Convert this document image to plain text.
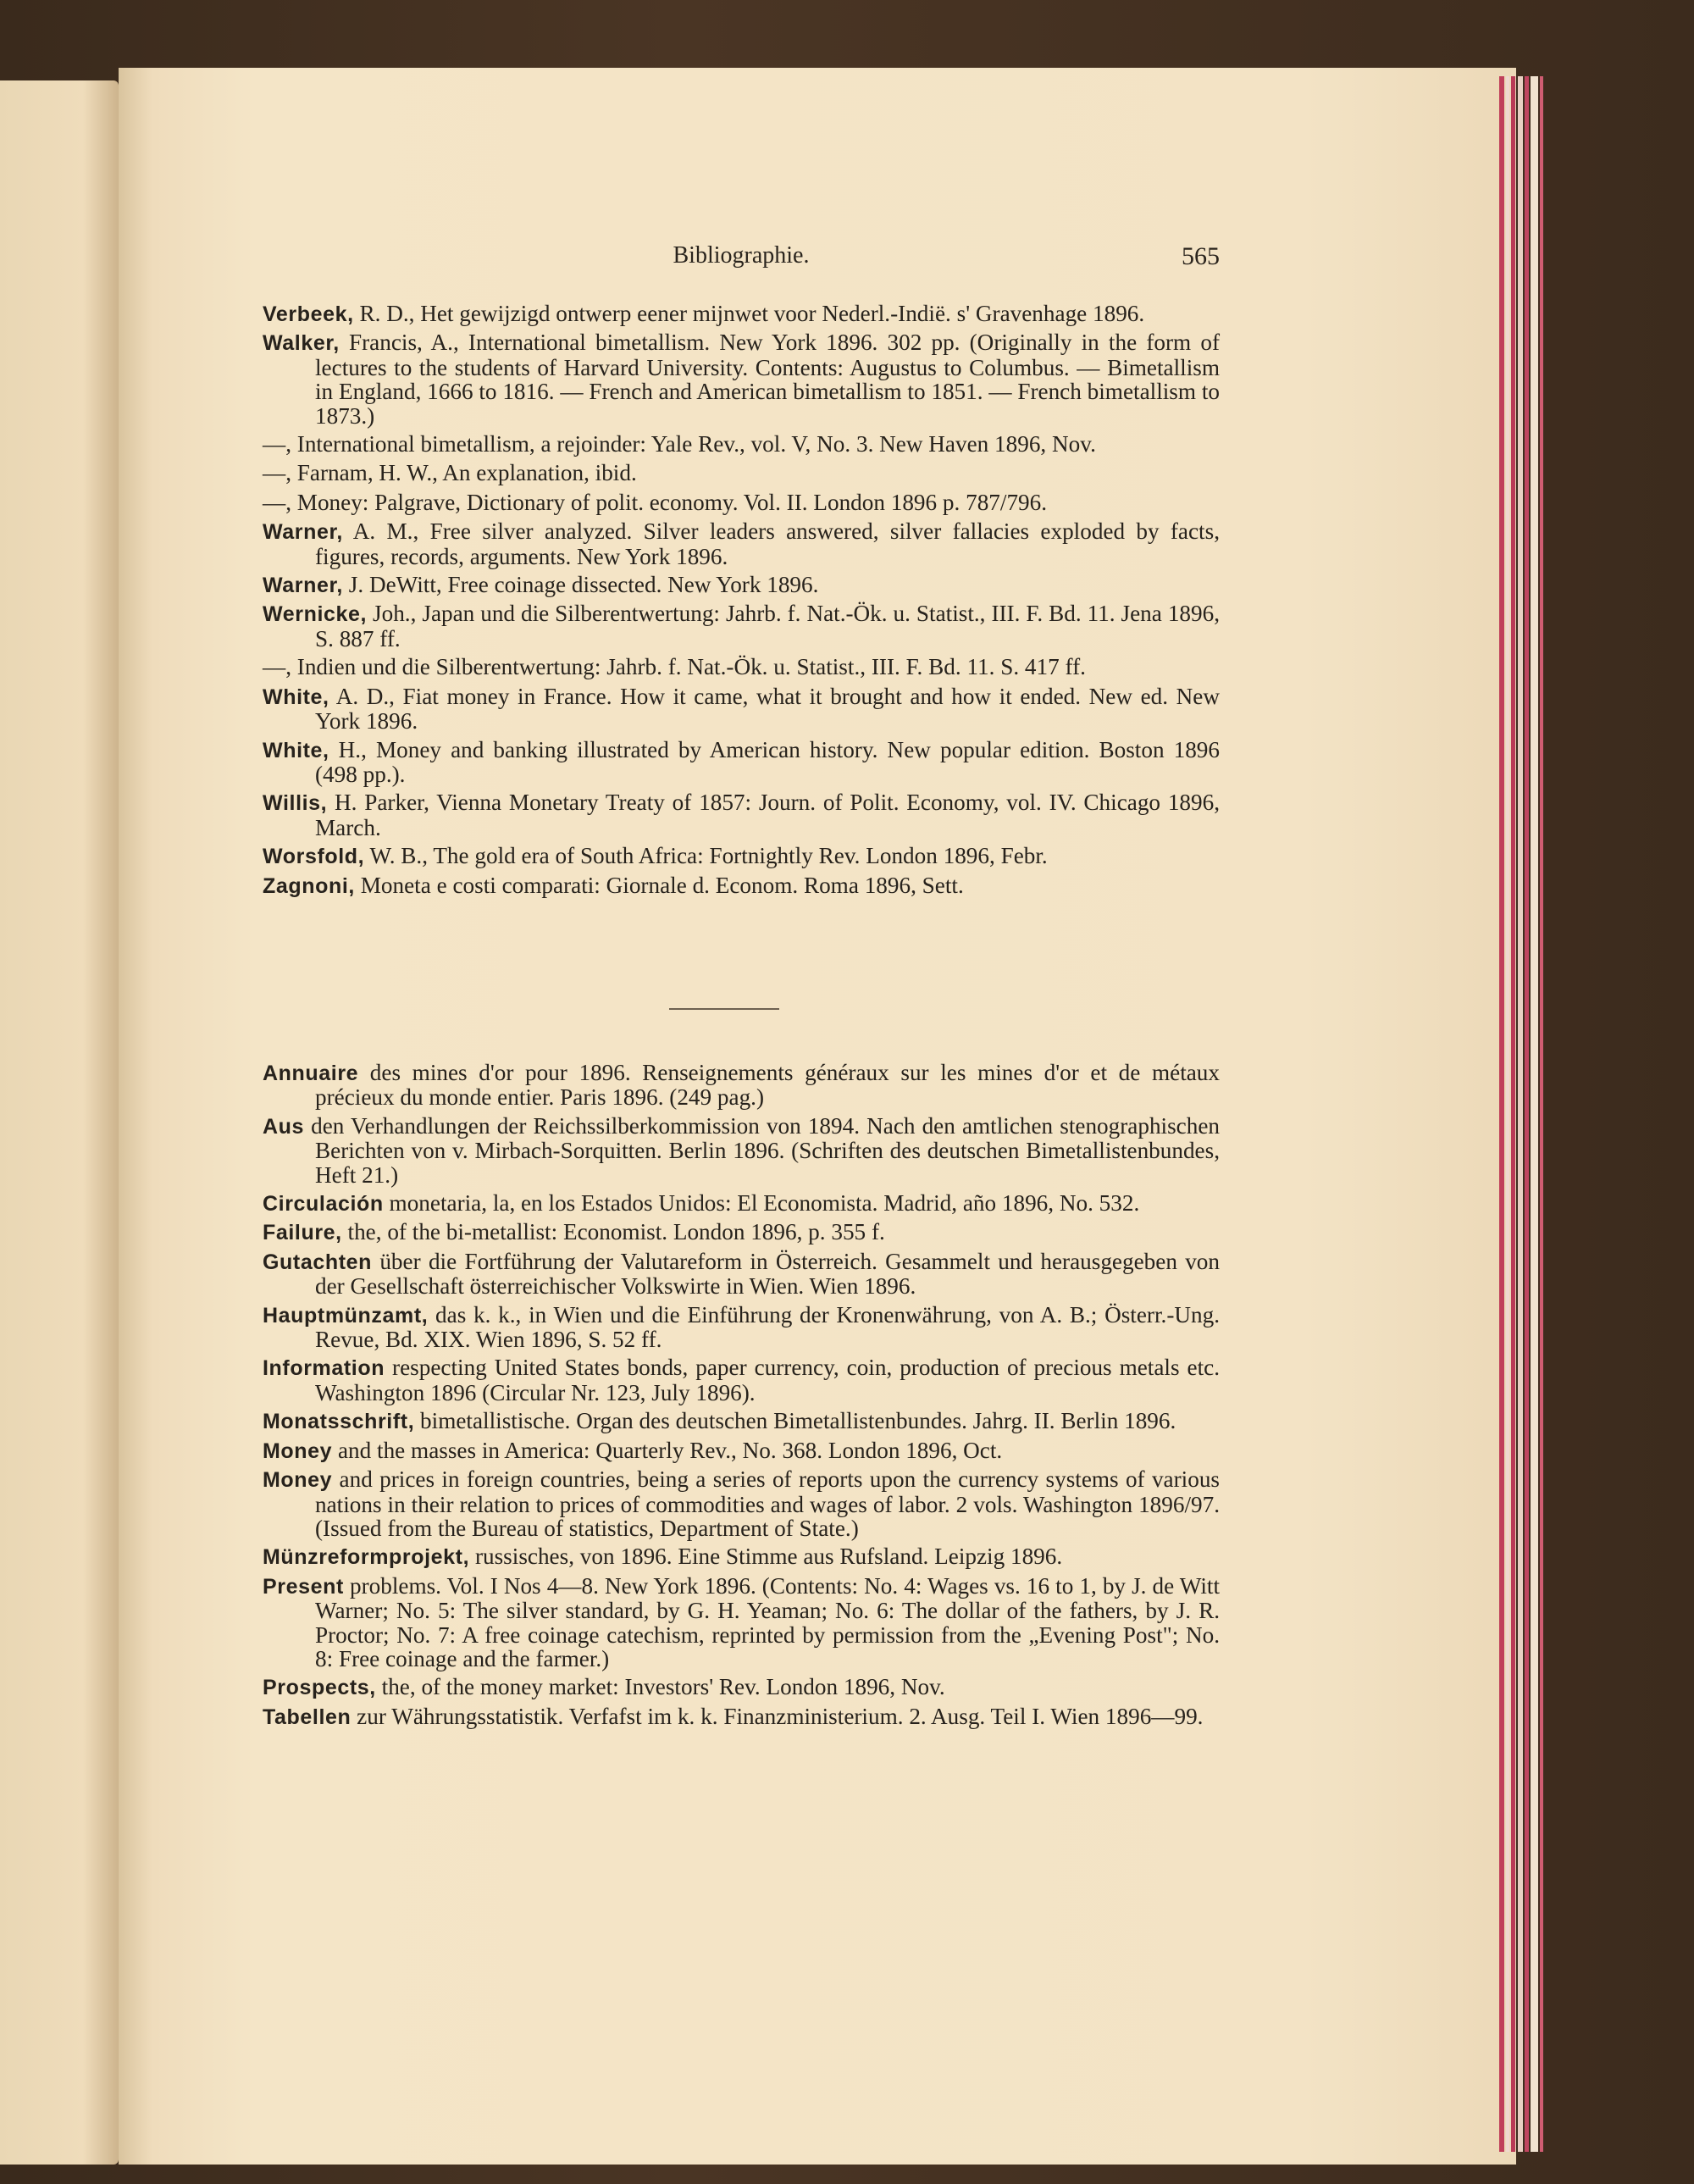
Bibliographie.	565

Verbeek, R. D., Het gewijzigd ontwerp eener mijnwet voor Nederl.-Indië. s' Gravenhage 1896.

Walker, Francis, A., International bimetallism. New York 1896. 302 pp. (Originally in the form of lectures to the students of Harvard University. Contents: Augustus to Columbus. — Bimetallism in England, 1666 to 1816. — French and American bimetallism to 1851. — French bimetallism to 1873.)

—, International bimetallism, a rejoinder: Yale Rev., vol. V, No. 3. New Haven 1896, Nov.

—, Farnam, H. W., An explanation, ibid.

—, Money: Palgrave, Dictionary of polit. economy. Vol. II. London 1896 p. 787/796.

Warner, A. M., Free silver analyzed. Silver leaders answered, silver fallacies exploded by facts, figures, records, arguments. New York 1896.

Warner, J. DeWitt, Free coinage dissected. New York 1896.

Wernicke, Joh., Japan und die Silberentwertung: Jahrb. f. Nat.-Ök. u. Statist., III. F. Bd. 11. Jena 1896, S. 887 ff.

—, Indien und die Silberentwertung: Jahrb. f. Nat.-Ök. u. Statist., III. F. Bd. 11. S. 417 ff.

White, A. D., Fiat money in France. How it came, what it brought and how it ended. New ed. New York 1896.

White, H., Money and banking illustrated by American history. New popular edition. Boston 1896 (498 pp.).

Willis, H. Parker, Vienna Monetary Treaty of 1857: Journ. of Polit. Economy, vol. IV. Chicago 1896, March.

Worsfold, W. B., The gold era of South Africa: Fortnightly Rev. London 1896, Febr.

Zagnoni, Moneta e costi comparati: Giornale d. Econom. Roma 1896, Sett.

Annuaire des mines d'or pour 1896. Renseignements généraux sur les mines d'or et de métaux précieux du monde entier. Paris 1896. (249 pag.)

Aus den Verhandlungen der Reichssilberkommission von 1894. Nach den amtlichen stenographischen Berichten von v. Mirbach-Sorquitten. Berlin 1896. (Schriften des deutschen Bimetallistenbundes, Heft 21.)

Circulación monetaria, la, en los Estados Unidos: El Economista. Madrid, año 1896, No. 532.

Failure, the, of the bi-metallist: Economist. London 1896, p. 355 f.

Gutachten über die Fortführung der Valutareform in Österreich. Gesammelt und herausgegeben von der Gesellschaft österreichischer Volkswirte in Wien. Wien 1896.

Hauptmünzamt, das k. k., in Wien und die Einführung der Kronenwährung, von A. B.; Österr.-Ung. Revue, Bd. XIX. Wien 1896, S. 52 ff.

Information respecting United States bonds, paper currency, coin, production of precious metals etc. Washington 1896 (Circular Nr. 123, July 1896).

Monatsschrift, bimetallistische. Organ des deutschen Bimetallistenbundes. Jahrg. II. Berlin 1896.

Money and the masses in America: Quarterly Rev., No. 368. London 1896, Oct.

Money and prices in foreign countries, being a series of reports upon the currency systems of various nations in their relation to prices of commodities and wages of labor. 2 vols. Washington 1896/97. (Issued from the Bureau of statistics, Department of State.)

Münzreformprojekt, russisches, von 1896. Eine Stimme aus Rufsland. Leipzig 1896.

Present problems. Vol. I Nos 4—8. New York 1896. (Contents: No. 4: Wages vs. 16 to 1, by J. de Witt Warner; No. 5: The silver standard, by G. H. Yeaman; No. 6: The dollar of the fathers, by J. R. Proctor; No. 7: A free coinage catechism, reprinted by permission from the „Evening Post"; No. 8: Free coinage and the farmer.)

Prospects, the, of the money market: Investors' Rev. London 1896, Nov.

Tabellen zur Währungsstatistik. Verfafst im k. k. Finanzministerium. 2. Ausg. Teil I. Wien 1896—99.
